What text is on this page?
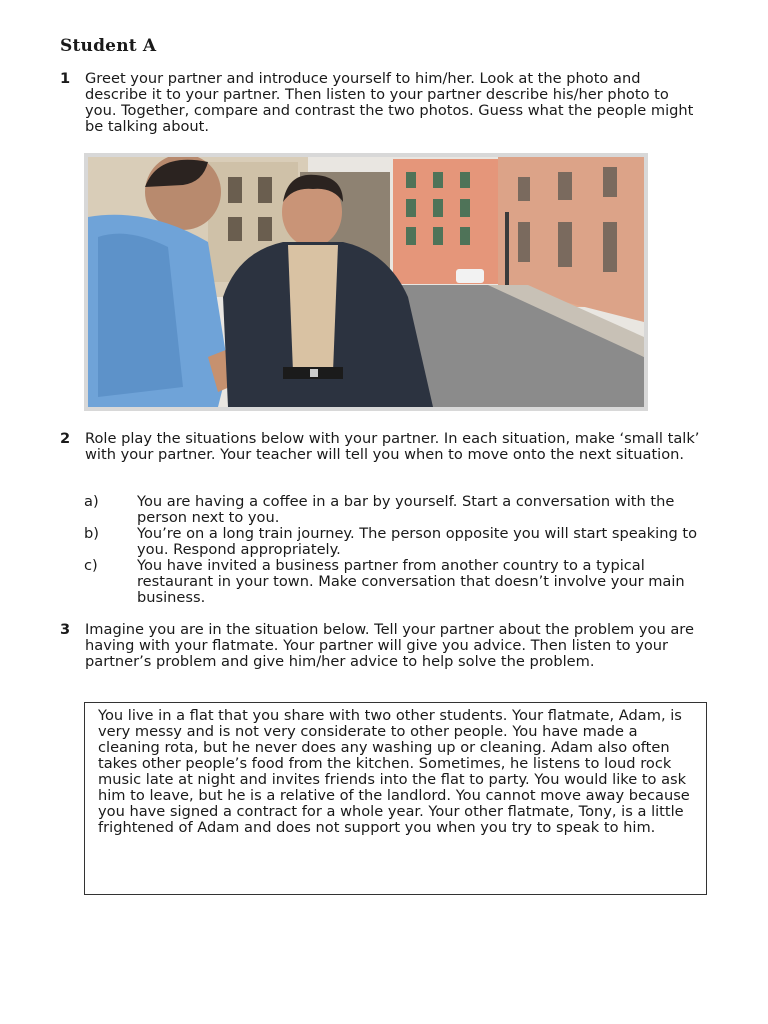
Student A
1 Greet your partner and introduce yourself to him/her. Look at the photo and describe it to your partner. Then listen to your partner describe his/her photo to you. Together, compare and contrast the two photos. Guess what the people might be talking about.
2 Role play the situations below with your partner. In each situation, make ‘small talk’ with your partner. Your teacher will tell you when to move onto the next situation.
a)	You are having a coffee in a bar by yourself. Start a conversation with the person next to you.
b)	You’re on a long train journey. The person opposite you will start speaking to you. Respond appropriately.
c)	You have invited a business partner from another country to a typical restaurant in your town. Make conversation that doesn’t involve your main business.
3 Imagine you are in the situation below. Tell your partner about the problem you are having with your flatmate. Your partner will give you advice. Then listen to your partner’s problem and give him/her advice to help solve the problem.
You live in a flat that you share with two other students. Your flatmate, Adam, is very messy and is not very considerate to other people. You have made a cleaning rota, but he never does any washing up or cleaning. Adam also often takes other people’s food from the kitchen. Sometimes, he listens to loud rock music late at night and invites friends into the flat to party. You would like to ask him to leave, but he is a relative of the landlord. You cannot move away because you have signed a contract for a whole year. Your other flatmate, Tony, is a little frightened of Adam and does not support you when you try to speak to him.
